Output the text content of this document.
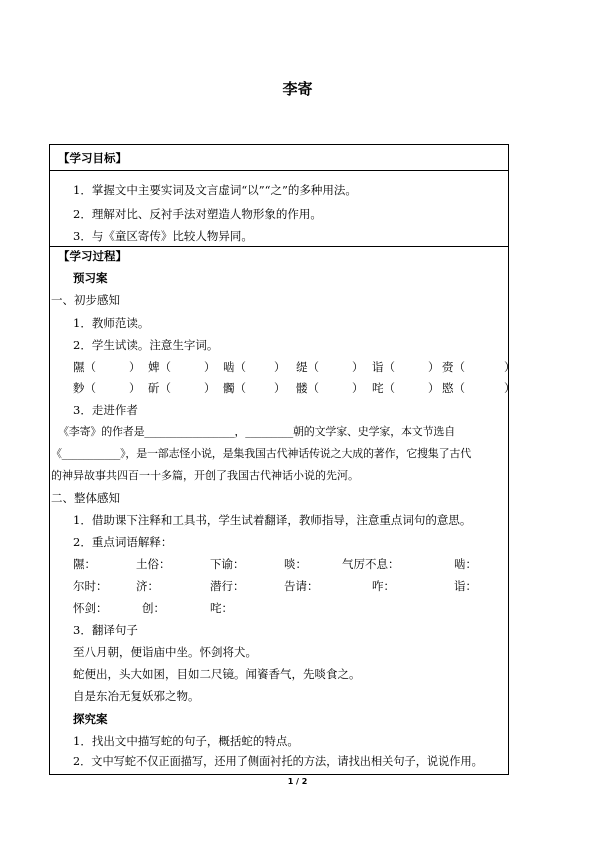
李寄
【学习目标】
1．掌握文中主要实词及文言虚词“以”“之”的多种用法。
2．理解对比、反衬手法对塑造人物形象的作用。
3．与《童区寄传》比较人物异同。
【学习过程】
预习案
一、初步感知
1．教师范读。
2．学生试读。注意生字词。
隰（	） 婢（	） 啮（ ） 缇（	） 诣（	） 赍（	）
麨（	） 斫（	） 髑（ ） 髅（	） 咤（	） 愍（	）
3．走进作者
《李寄》的作者是_________________，_________朝的文学家、史学家，本文节选自
《___________》，是一部志怪小说，是集我国古代神话传说之大成的著作，它搜集了古代
的神异故事共四百一十多篇，开创了我国古代神话小说的先河。
二、整体感知
1．借助课下注释和工具书，学生试着翻译，教师指导，注意重点词句的意思。
2．重点词语解释：
隰：	土俗：	下谕：	啖：	气厉不息：	啮：
尔时： 济：	潜行：	告请：	咋：	诣：
怀剑：	创：	咤：
3．翻译句子
至八月朝，便诣庙中坐。怀剑将犬。
蛇便出，头大如囷，目如二尺镜。闻餈香气，先啖食之。
自是东冶无复妖邪之物。
探究案
1．找出文中描写蛇的句子，概括蛇的特点。
2．文中写蛇不仅正面描写，还用了侧面衬托的方法，请找出相关句子，说说作用。
1 / 2
